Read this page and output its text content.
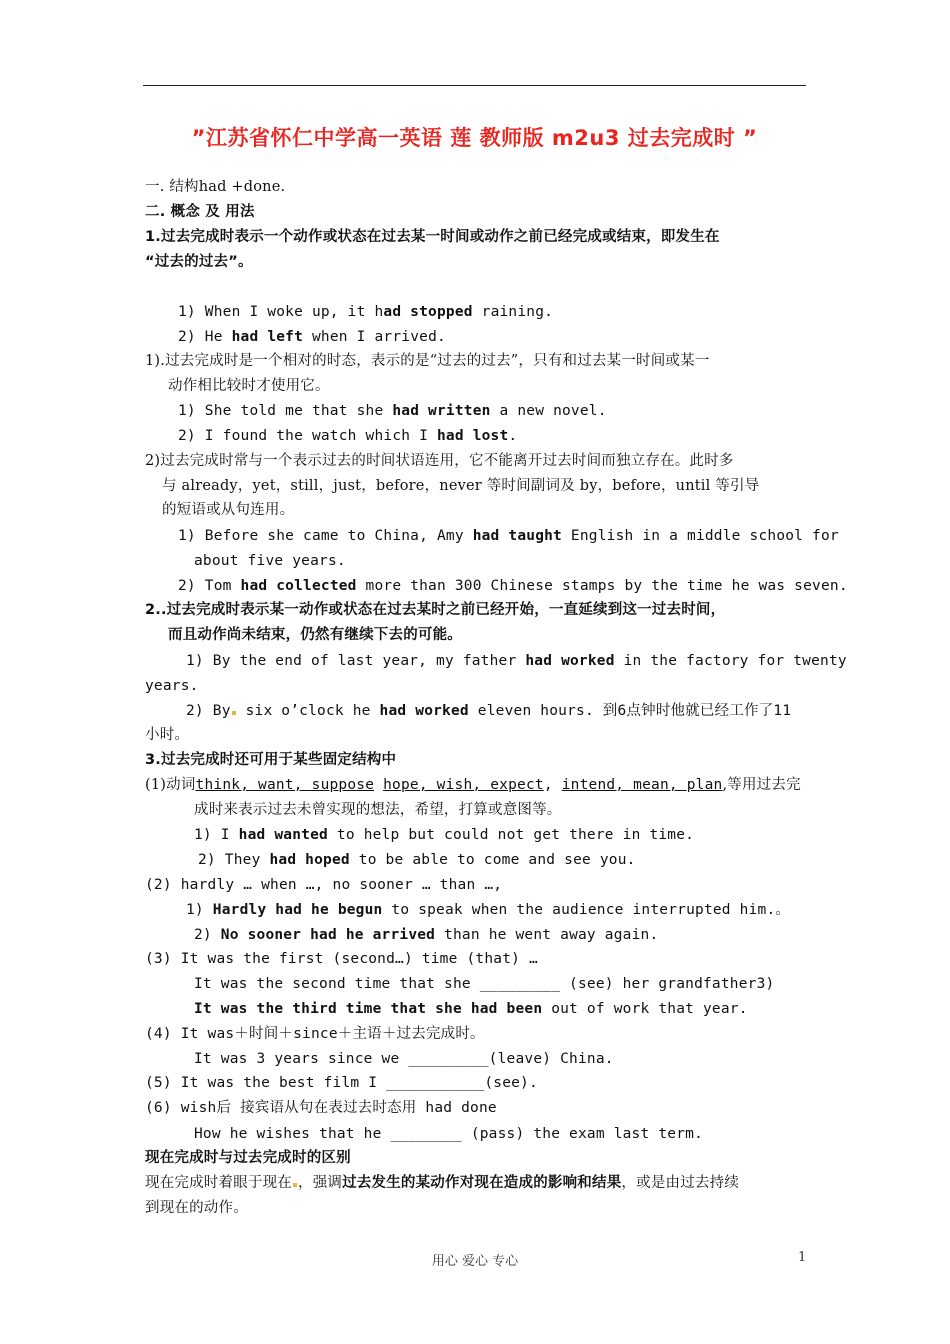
”江苏省怀仁中学高一英语 莲 教师版 m2u3 过去完成时 ”
一. 结构had +done.
二. 概念 及 用法
1.过去完成时表示一个动作或状态在过去某一时间或动作之前已经完成或结束，即发生在
“过去的过去”。
1) When I woke up, it had stopped raining.
2) He had left when I arrived.
1).过去完成时是一个相对的时态，表示的是“过去的过去”，只有和过去某一时间或某一
动作相比较时才使用它。
1) She told me that she had written a new novel.
2) I found the watch which I had lost.
2)过去完成时常与一个表示过去的时间状语连用，它不能离开过去时间而独立存在。此时多
与 already，yet，still，just，before，never 等时间副词及 by，before，until 等引导
的短语或从句连用。
1) Before she came to China, Amy had taught English in a middle school for
about five years.
2) Tom had collected more than 300 Chinese stamps by the time he was seven.
2..过去完成时表示某一动作或状态在过去某时之前已经开始，一直延续到这一过去时间，
而且动作尚未结束，仍然有继续下去的可能。
1) By the end of last year, my father had worked in the factory for twenty
years.
2) By six o’clock he had worked eleven hours. 到6点钟时他就已经工作了11
小时。
3.过去完成时还可用于某些固定结构中
(1)动词think, want, suppose hope, wish, expect, intend, mean, plan,等用过去完
成时来表示过去未曾实现的想法，希望，打算或意图等。
1) I had wanted to help but could not get there in time.
2) They had hoped to be able to come and see you.
(2) hardly … when …, no sooner … than …,
1) Hardly had he begun to speak when the audience interrupted him.。
2) No sooner had he arrived than he went away again.
(3) It was the first (second…) time (that) …
It was the second time that she _________ (see) her grandfather3)
It was the third time that she had been out of work that year.
(4) It was＋时间＋since＋主语＋过去完成时。
It was 3 years since we _________(leave) China.
(5) It was the best film I ___________(see).
(6) wish后 接宾语从句在表过去时态用 had done
How he wishes that he ________ (pass) the exam last term.
现在完成时与过去完成时的区别
现在完成时着眼于现在 ，强调过去发生的某动作对现在造成的影响和结果，或是由过去持续
到现在的动作。
用心 爱心 专心	1
